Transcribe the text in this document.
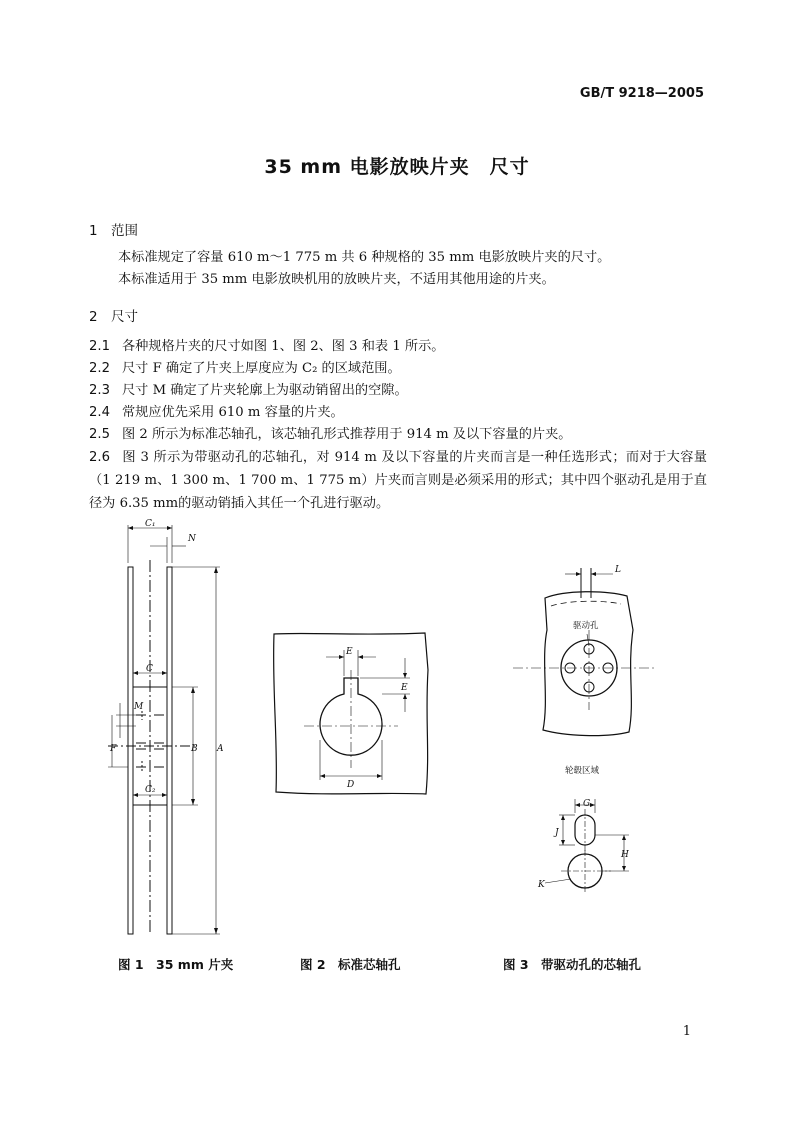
GB/T 9218—2005
35 mm 电影放映片夹　尺寸
1 范围
本标准规定了容量 610 m～1 775 m 共 6 种规格的 35 mm 电影放映片夹的尺寸。
本标准适用于 35 mm 电影放映机用的放映片夹，不适用其他用途的片夹。
2 尺寸
2.1 各种规格片夹的尺寸如图 1、图 2、图 3 和表 1 所示。
2.2 尺寸 F 确定了片夹上厚度应为 C₂ 的区域范围。
2.3 尺寸 M 确定了片夹轮廓上为驱动销留出的空隙。
2.4 常规应优先采用 610 m 容量的片夹。
2.5 图 2 所示为标准芯轴孔，该芯轴孔形式推荐用于 914 m 及以下容量的片夹。
2.6 图 3 所示为带驱动孔的芯轴孔，对 914 m 及以下容量的片夹而言是一种任选形式；而对于大容量（1 219 m、1 300 m、1 700 m、1 775 m）片夹而言则是必须采用的形式；其中四个驱动孔是用于直径为 6.35 mm的驱动销插入其任一个孔进行驱动。
C₁
N
C
M
F	B A
C₂
E
E
D
L
驱动孔
轮毂区域
G
J
H
K
图 1　35 mm 片夹	图 2　标准芯轴孔	图 3　带驱动孔的芯轴孔
1
